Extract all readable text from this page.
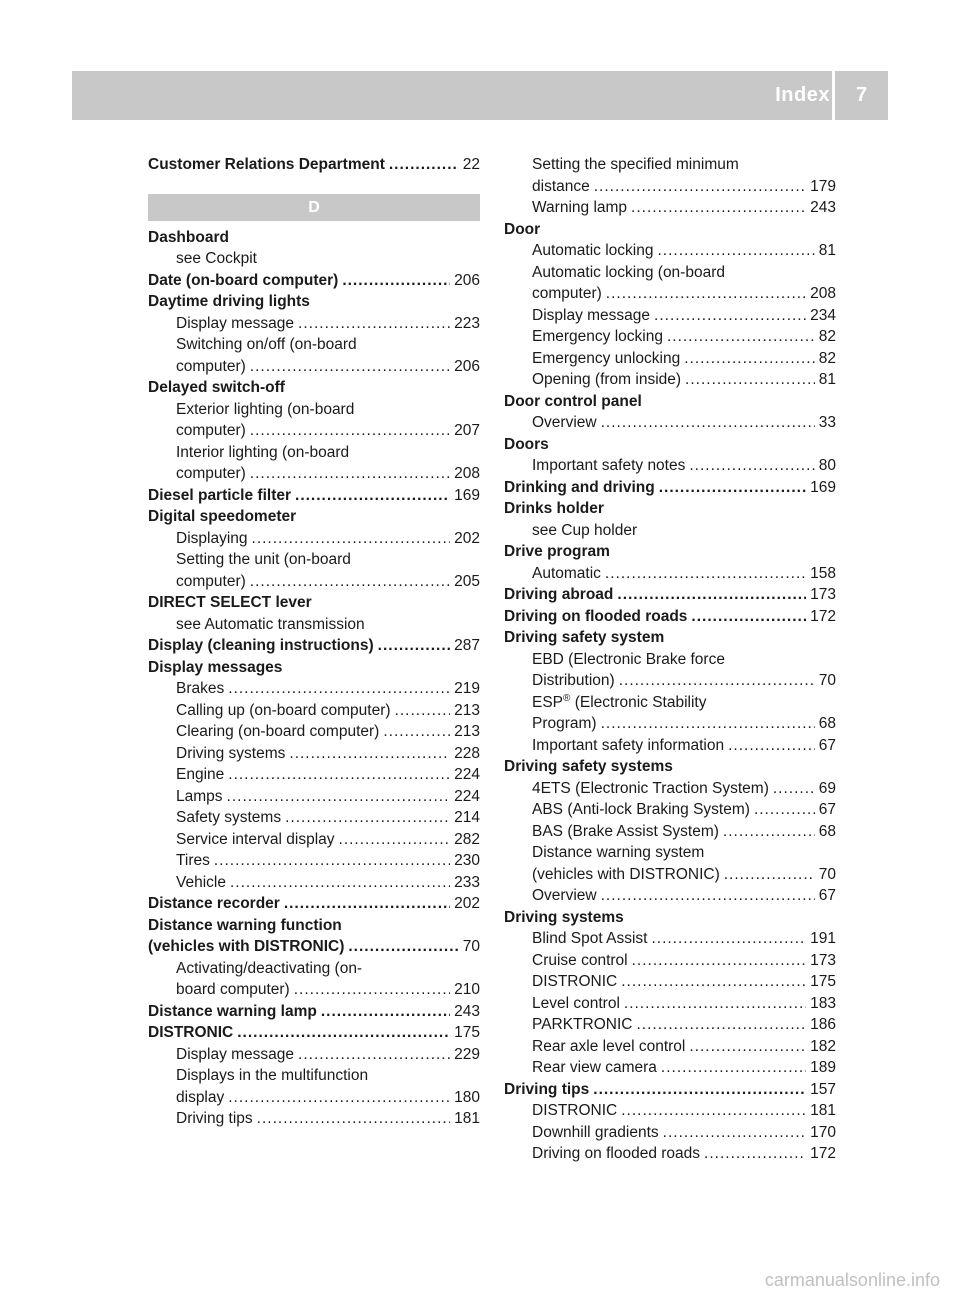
Index	7
Customer Relations Department .....	22
D
Dashboard
see Cockpit
Date (on-board computer) .....	206
Daytime driving lights
Display message .....	223
Switching on/off (on-board
computer) .....	206
Delayed switch-off
Exterior lighting (on-board
computer) .....	207
Interior lighting (on-board
computer) .....	208
Diesel particle filter .....	169
Digital speedometer
Displaying .....	202
Setting the unit (on-board
computer) .....	205
DIRECT SELECT lever
see Automatic transmission
Display (cleaning instructions) .....	287
Display messages
Brakes .....	219
Calling up (on-board computer) .....	213
Clearing (on-board computer) .....	213
Driving systems .....	228
Engine .....	224
Lamps .....	224
Safety systems .....	214
Service interval display .....	282
Tires .....	230
Vehicle .....	233
Distance recorder .....	202
Distance warning function
(vehicles with DISTRONIC) .....	70
Activating/deactivating (on-
board computer) .....	210
Distance warning lamp .....	243
DISTRONIC .....	175
Display message .....	229
Displays in the multifunction
display .....	180
Driving tips .....	181
Setting the specified minimum
distance .....	179
Warning lamp .....	243
Door
Automatic locking .....	81
Automatic locking (on-board
computer) .....	208
Display message .....	234
Emergency locking .....	82
Emergency unlocking .....	82
Opening (from inside) .....	81
Door control panel
Overview .....	33
Doors
Important safety notes .....	80
Drinking and driving .....	169
Drinks holder
see Cup holder
Drive program
Automatic .....	158
Driving abroad .....	173
Driving on flooded roads .....	172
Driving safety system
EBD (Electronic Brake force
Distribution) .....	70
ESP® (Electronic Stability
Program) .....	68
Important safety information .....	67
Driving safety systems
4ETS (Electronic Traction System) .....	69
ABS (Anti-lock Braking System) .....	67
BAS (Brake Assist System) .....	68
Distance warning system
(vehicles with DISTRONIC) .....	70
Overview .....	67
Driving systems
Blind Spot Assist .....	191
Cruise control .....	173
DISTRONIC .....	175
Level control .....	183
PARKTRONIC .....	186
Rear axle level control .....	182
Rear view camera .....	189
Driving tips .....	157
DISTRONIC .....	181
Downhill gradients .....	170
Driving on flooded roads .....	172
carmanualsonline.info
